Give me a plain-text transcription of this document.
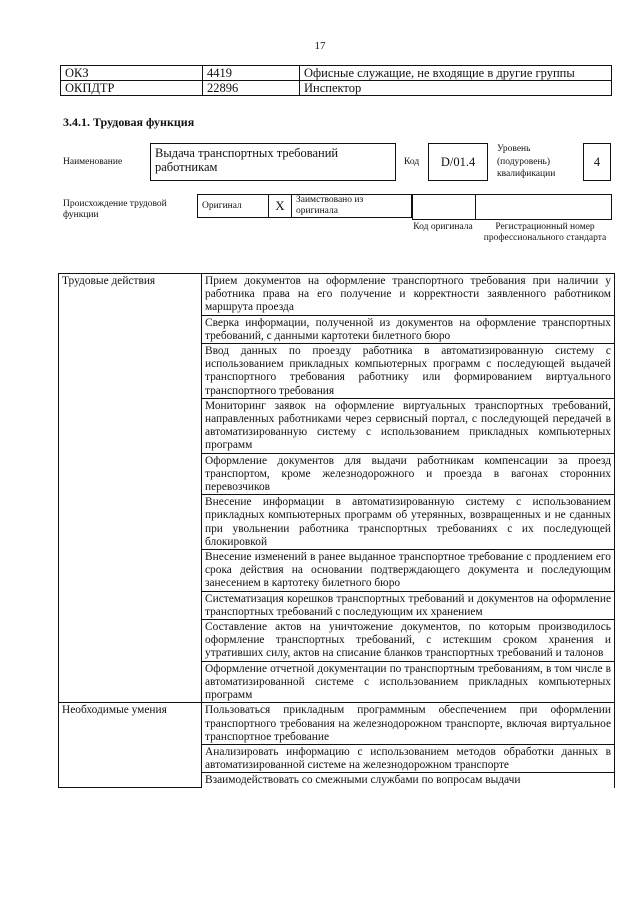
17
ОКЗ	4419	Офисные служащие, не входящие в другие группы
ОКПДТР	22896	Инспектор
3.4.1. Трудовая функция
Наименование
Выдача транспортных требований работникам	Код	D/01.4
Уровень (подуровень) квалификации
4
Происхождение трудовой функции
Оригинал	X	Заимствовано из оригинала

Код оригинала	Регистрационный номер профессионального стандарта
Трудовые действия	Прием документов на оформление транспортного требования при наличии у работника права на его получение и корректности заявленного работником маршрута проезда
	Сверка информации, полученной из документов на оформление транспортных требований, с данными картотеки билетного бюро
	Ввод данных по проезду работника в автоматизированную систему с использованием прикладных компьютерных программ с последующей выдачей транспортного требования работнику или формированием виртуального транспортного требования
	Мониторинг заявок на оформление виртуальных транспортных требований, направленных работниками через сервисный портал, с последующей передачей в автоматизированную систему с использованием прикладных компьютерных программ
	Оформление документов для выдачи работникам компенсации за проезд транспортом, кроме железнодорожного и проезда в вагонах сторонних перевозчиков
	Внесение информации в автоматизированную систему с использованием прикладных компьютерных программ об утерянных, возвращенных и не сданных при увольнении работника транспортных требованиях с их последующей блокировкой
	Внесение изменений в ранее выданное транспортное требование с продлением его срока действия на основании подтверждающего документа и последующим занесением в картотеку билетного бюро
	Систематизация корешков транспортных требований и документов на оформление транспортных требований с последующим их хранением
	Составление актов на уничтожение документов, по которым производилось оформление транспортных требований, с истекшим сроком хранения и утративших силу, актов на списание бланков транспортных требований и талонов
	Оформление отчетной документации по транспортным требованиям, в том числе в автоматизированной системе с использованием прикладных компьютерных программ
Необходимые умения	Пользоваться прикладным программным обеспечением при оформлении транспортного требования на железнодорожном транспорте, включая виртуальное транспортное требование
	Анализировать информацию с использованием методов обработки данных в автоматизированной системе на железнодорожном транспорте
	Взаимодействовать со смежными службами по вопросам выдачи
